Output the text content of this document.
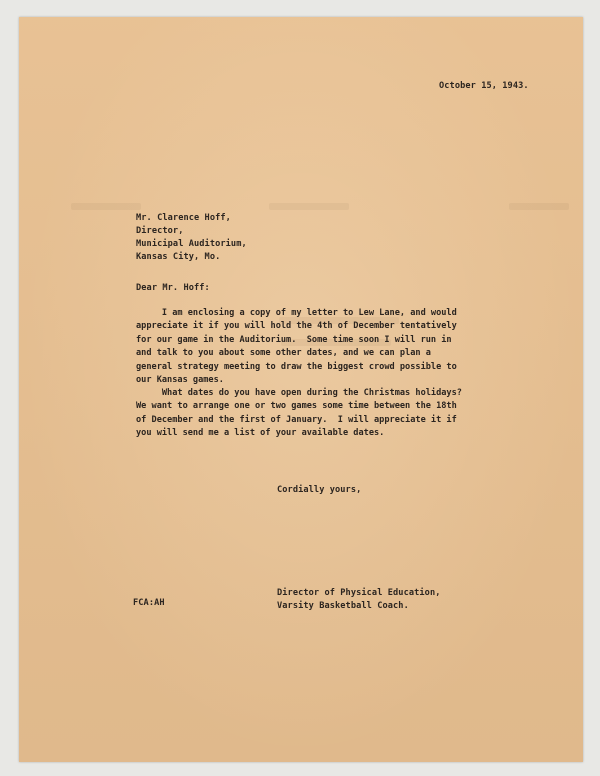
October 15, 1943.
Mr. Clarence Hoff,
Director,
Municipal Auditorium,
Kansas City, Mo.
Dear Mr. Hoff:
I am enclosing a copy of my letter to Lew Lane, and would
appreciate it if you will hold the 4th of December tentatively
for our game in the Auditorium.  Some time soon I will run in
and talk to you about some other dates, and we can plan a
general strategy meeting to draw the biggest crowd possible to
our Kansas games.
What dates do you have open during the Christmas holidays?
We want to arrange one or two games some time between the 18th
of December and the first of January.  I will appreciate it if
you will send me a list of your available dates.
Cordially yours,
Director of Physical Education,
Varsity Basketball Coach.
FCA:AH
